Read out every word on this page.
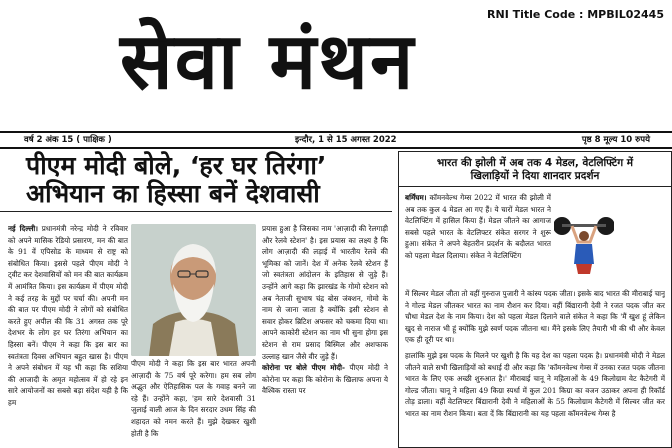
सेवा मंथन
RNI Title Code : MPBIL02445
वर्ष 2 अंक 15 ( पाक्षिक )	इन्दौर, 1 से 15 अगस्त 2022	पृष्ठ 8 मूल्य 10 रुपये
पीएम मोदी बोले, ‘हर घर तिरंगा’
अभियान का हिस्सा बनें देशवासी
नई दिल्ली। प्रधानमंत्री नरेन्द्र मोदी ने रविवार को अपने मासिक रेडियो प्रसारण, मन की बात के 91 वें एपिसोड के माध्यम से राष्ट्र को संबोधित किया। इससे पहले पीएम मोदी ने ट्वीट कर देशवासियों को मन की बात कार्यक्रम में आमंत्रित किया। इस कार्यक्रम में पीएम मोदी ने कई तरह के मुद्दों पर चर्चा की। अपनी मन की बात पर पीएम मोदी ने लोगों को संबोधित करते हुए अपील की कि 31 अगस्त तक पूरे देशभर के लोग हर घर तिरंगा अभियान का हिस्सा बनें। पीएम ने कहा कि इस बार का स्वतंत्रता दिवस अभियान बहुत खास है। पीएम ने अपने संबोधन में यह भी कहा कि सशिया की आजादी के अमृत महोत्सव में हो रहे इन सारे आयोजनों का सबसे बड़ा संदेश यही है कि हम
पीएम मोदी ने कहा कि इस बार भारत अपनी आज़ादी के 75 वर्ष पूरे करेगा। हम सब लोग अद्भुत और ऐतिहासिक पल के गवाह बनने जा रहे हैं। उन्होंने कहा, 'हम सारे देशवासी 31 जुलाई वाली आज के दिन सरदार उधम सिंह की शहादत को नमन करते हैं। मुझे देखकर खुशी होती है कि
प्रयास हुआ है जिसका नाम 'आज़ादी की रेलगाड़ी और रेलवे स्टेशन' है। इस प्रयास का लक्ष्य है कि लोग आज़ादी की लड़ाई में भारतीय रेलवे की भूमिका को जानें। देश में अनेक रेलवे स्टेशन हैं जो स्वतंत्रता आंदोलन के इतिहास से जुड़े हैं। उन्होंने आगे कहा कि झारखंड के गोमो स्टेशन को अब नेताजी सुभाष चंद्र बोस जंक्शन, गोमो के नाम से जाना जाता है क्योंकि इसी स्टेशन से सवार होकर ब्रिटिश अफसर को चकमा दिया था। आपने काकोरी स्टेशन का नाम भी सुना होगा इस स्टेशन से राम प्रसाद बिस्मिल और अशफाक उल्लाह खान जैसे वीर जुड़े हैं।
कोरोना पर बोले पीएम मोदी- पीएम मोदी ने कोरोना पर कहा कि कोरोना के खिलाफ अपना ये वैश्विक रास्ता पर
भारत की झोली में अब तक 4 मेडल, वेटलिफ्टिंग में
खिलाड़ियों ने दिया शानदार प्रदर्शन
बर्मिंघम। कॉमनवेल्थ गेम्स 2022 में भारत की झोली में अब तक कुल 4 मेडल आ गए हैं। ये चारों मेडल भारत ने वेटलिफ्टिंग में हासिल किया हैं। मेडल जीतने का आगाज सबसे पहले भारत के वेटलिफ्टर संकेत सरगर ने शुरू हुआ। संकेत ने अपने बेहतरीन प्रदर्शन के बदौलत भारत को पहला मेडल दिलाया। संकेत ने वेटलिफ्टिंग
में सिल्वर मेडल जीता तो वहीं गुरुराज पुजारी ने कांस्य पदक जीता। इसके बाद भारत की मीराबाई चानू ने गोल्ड मेडल जीतकर भारत का नाम रौशन कर दिया। वहीं बिंद्यारानी देवी ने रजत पदक जीत कर चौथा मेडल देश के नाम किया। देश को पहला मेडल दिलाने वाले संकेत ने कहा कि 'मैं खुश हूं लेकिन खुद से नाराज भी हूं क्योंकि मुझे स्वर्ण पदक जीतना था। मैंने इसके लिए तैयारी भी की थी और केवल एक ही दूरी पर था।
हालांकि मुझे इस पदक के मिलने पर खुशी है कि यह देश का पहला पदक है। प्रधानमंत्री मोदी ने मेडल जीतने वाले सभी खिलाड़ियों को बधाई दी और कहा कि 'कॉमनवेल्थ गेम्स में उनका रजत पदक जीतना भारत के लिए एक अच्छी शुरुआत है।' मीराबाई चानू ने महिलाओं के 49 किलोग्राम वेट कैटेगरी में गोल्ड जीता। चानू ने महिला 49 किग्रा स्पर्धा में कुल 201 किग्रा का वजन उठाकर अपना ही रिकॉर्ड तोड़ डाला। वहीं वेटलिफ्टर बिंद्यारानी देवी ने महिलाओं के 55 किलोग्राम कैटेगरी में सिल्वर जीत कर भारत का नाम रौशन किया। बता दें कि बिंद्यारानी का यह पहला कॉमनवेल्थ गेम्स है
